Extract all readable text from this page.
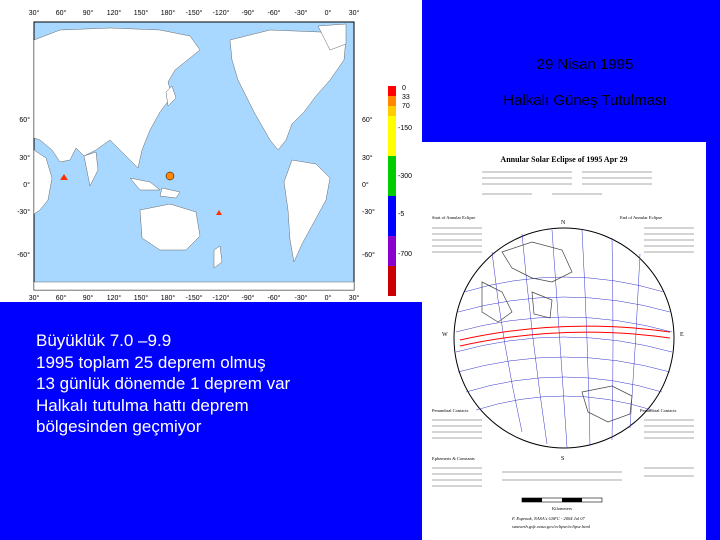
30° 60° 90° 120° 150° 180° -150° -120° -90° -60° -30° 0° 30°
30° 60° 90° 120° 150° 180° -150° -120° -90° -60° -30° 0° 30°
60°
30°
0°
-30°
-60°
60°
30°
0°
-30°
-60°
0
33
70
-150
-300
-5
-700
29 Nisan 1995
Halkalı Güneş Tutulması
Büyüklük 7.0 –9.9
1995 toplam 25 deprem olmuş
13 günlük dönemde 1 deprem var
Halkalı tutulma hattı deprem
bölgesinden geçmiyor
Annular Solar Eclipse of 1995 Apr 29
Start of Annular Eclipse	End of Annular Eclipse
N
S
W	E
Penumbral Contacts	Penumbral Contacts
Ephemeris & Constants
Kilometers
F. Espenak, NASA's GSFC - 2004 Jul 07
sunearth.gsfc.nasa.gov/eclipse/eclipse.html
